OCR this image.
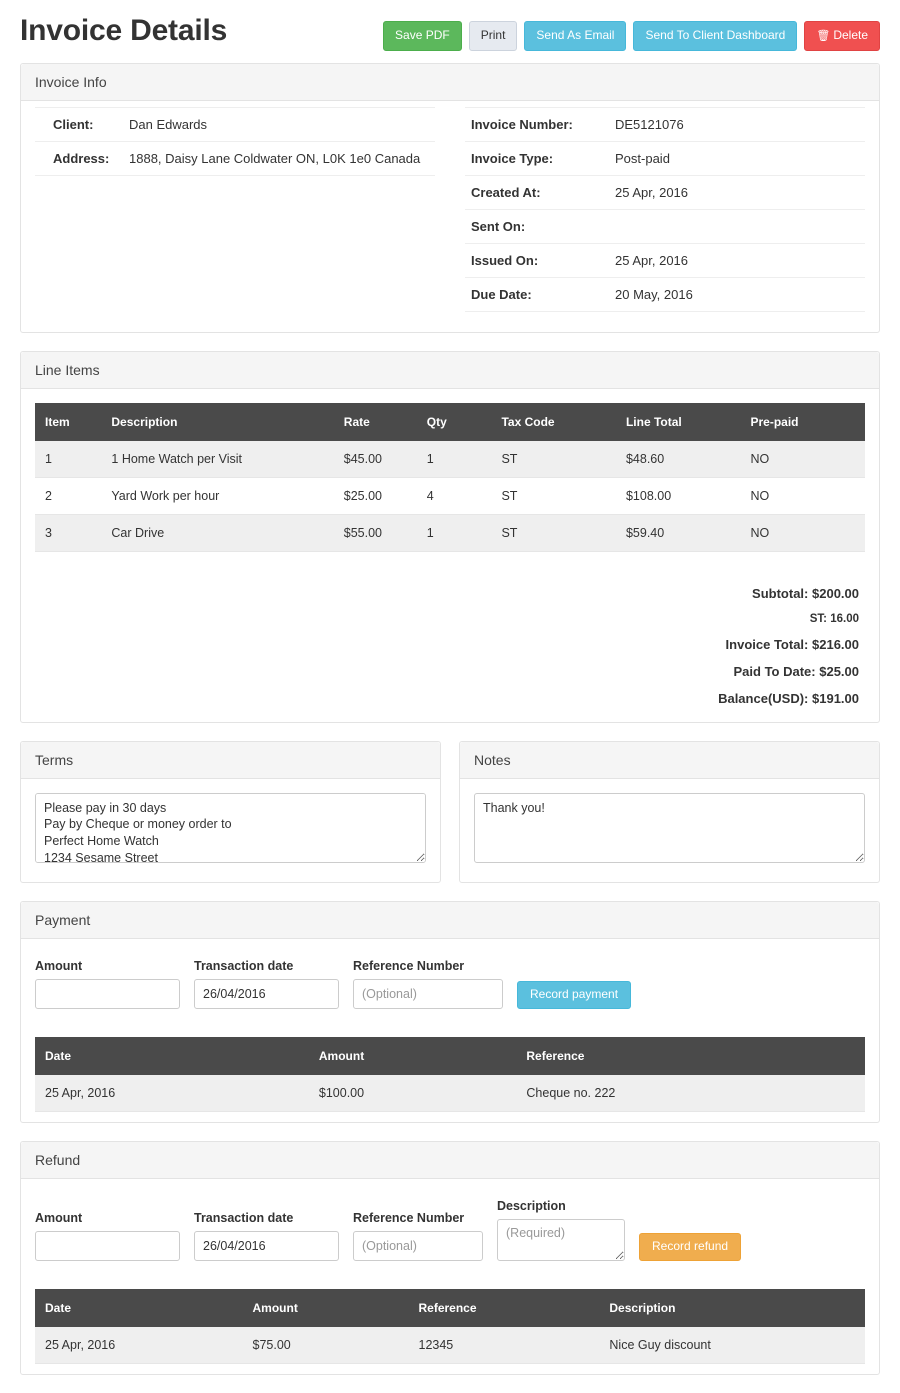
Invoice Details	Save PDF	Print	Send As Email	Send To Client Dashboard	🗑 Delete
Invoice Info
Client:	Dan Edwards
Address:	1888, Daisy Lane Coldwater ON, L0K 1e0 Canada
Invoice Number:	DE5121076
Invoice Type:	Post-paid
Created At:	25 Apr, 2016
Sent On:	
Issued On:	25 Apr, 2016
Due Date:	20 May, 2016
Line Items
Item	Description	Rate	Qty	Tax Code	Line Total	Pre-paid
1	1 Home Watch per Visit	$45.00	1	ST	$48.60	NO
2	Yard Work per hour	$25.00	4	ST	$108.00	NO
3	Car Drive	$55.00	1	ST	$59.40	NO
Subtotal: $200.00
ST: 16.00
Invoice Total: $216.00
Paid To Date: $25.00
Balance(USD): $191.00
Terms
Please pay in 30 days Pay by Cheque or money order to Perfect Home Watch 1234 Sesame Street	Notes
Thank you!
Payment
Amount	Transaction date
26/04/2016	Reference Number
(Optional)
Record payment
Date	Amount	Reference
25 Apr, 2016	$100.00	Cheque no. 222
Refund
Amount	Transaction date
26/04/2016	Reference Number
(Optional)
Description
(Required)
Record refund
Date	Amount	Reference	Description
25 Apr, 2016	$75.00	12345	Nice Guy discount
